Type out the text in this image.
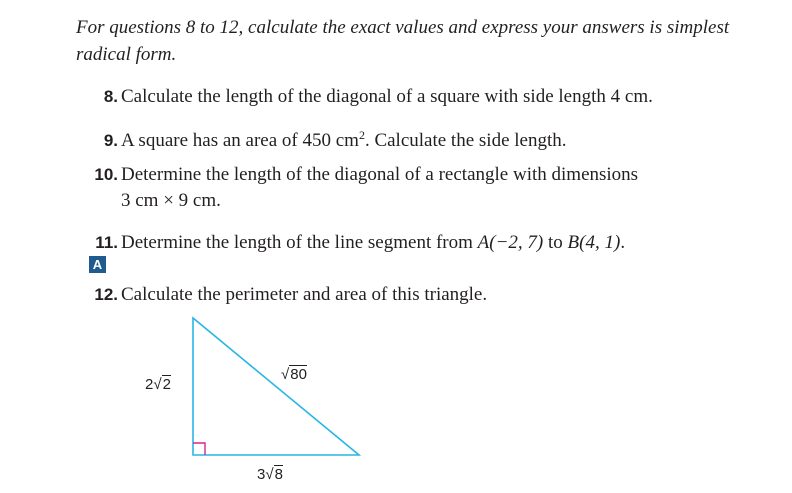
For questions 8 to 12, calculate the exact values and express your answers is simplest radical form.
8. Calculate the length of the diagonal of a square with side length 4 cm.
9. A square has an area of 450 $cm^2$. Calculate the side length.
10. Determine the length of the diagonal of a rectangle with dimensions
3 cm × 9 cm.
11. Determine the length of the line segment from A(−2, 7) to B(4, 1).
A
12. Calculate the perimeter and area of this triangle.
2√2
√80
3√8
